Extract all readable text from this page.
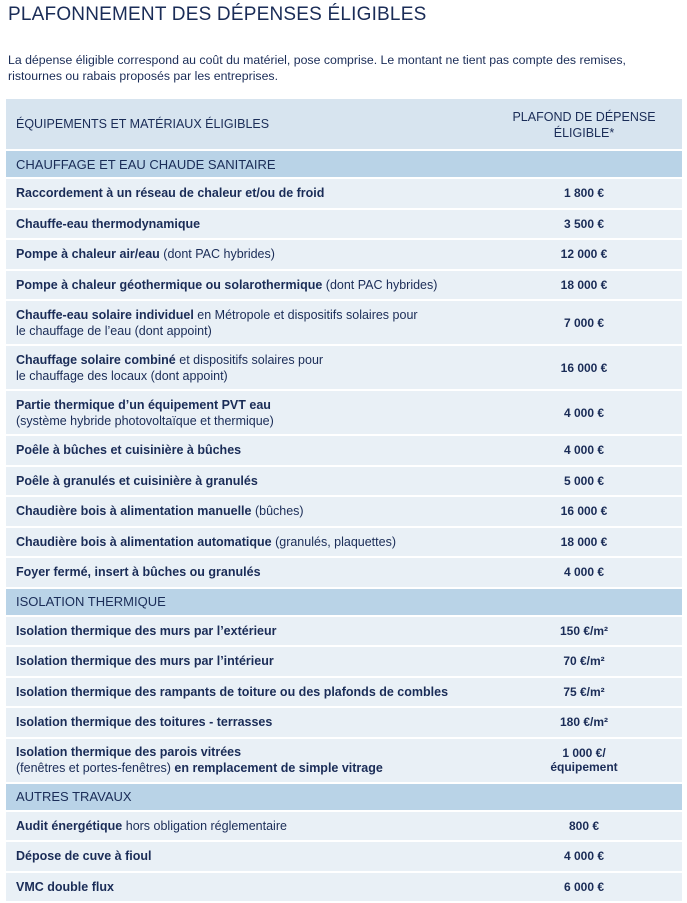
PLAFONNEMENT DES DÉPENSES ÉLIGIBLES
La dépense éligible correspond au coût du matériel, pose comprise. Le montant ne tient pas compte des remises, ristournes ou rabais proposés par les entreprises.
ÉQUIPEMENTS ET MATÉRIAUX ÉLIGIBLES	PLAFOND DE DÉPENSE
ÉLIGIBLE*
CHAUFFAGE ET EAU CHAUDE SANITAIRE	
Raccordement à un réseau de chaleur et/ou de froid	1 800 €
Chauffe-eau thermodynamique	3 500 €
Pompe à chaleur air/eau (dont PAC hybrides)	12 000 €
Pompe à chaleur géothermique ou solarothermique (dont PAC hybrides)	18 000 €
Chauffe-eau solaire individuel en Métropole et dispositifs solaires pour
le chauffage de l’eau (dont appoint)	7 000 €
Chauffage solaire combiné et dispositifs solaires pour
le chauffage des locaux (dont appoint)	16 000 €
Partie thermique d’un équipement PVT eau
(système hybride photovoltaïque et thermique)	4 000 €
Poêle à bûches et cuisinière à bûches	4 000 €
Poêle à granulés et cuisinière à granulés	5 000 €
Chaudière bois à alimentation manuelle (bûches)	16 000 €
Chaudière bois à alimentation automatique (granulés, plaquettes)	18 000 €
Foyer fermé, insert à bûches ou granulés	4 000 €
ISOLATION THERMIQUE	
Isolation thermique des murs par l’extérieur	150 €/m²
Isolation thermique des murs par l’intérieur	70 €/m²
Isolation thermique des rampants de toiture ou des plafonds de combles	75 €/m²
Isolation thermique des toitures - terrasses	180 €/m²
Isolation thermique des parois vitrées
(fenêtres et portes-fenêtres) en remplacement de simple vitrage	1 000 €/
équipement
AUTRES TRAVAUX	
Audit énergétique hors obligation réglementaire	800 €
Dépose de cuve à fioul	4 000 €
VMC double flux	6 000 €
